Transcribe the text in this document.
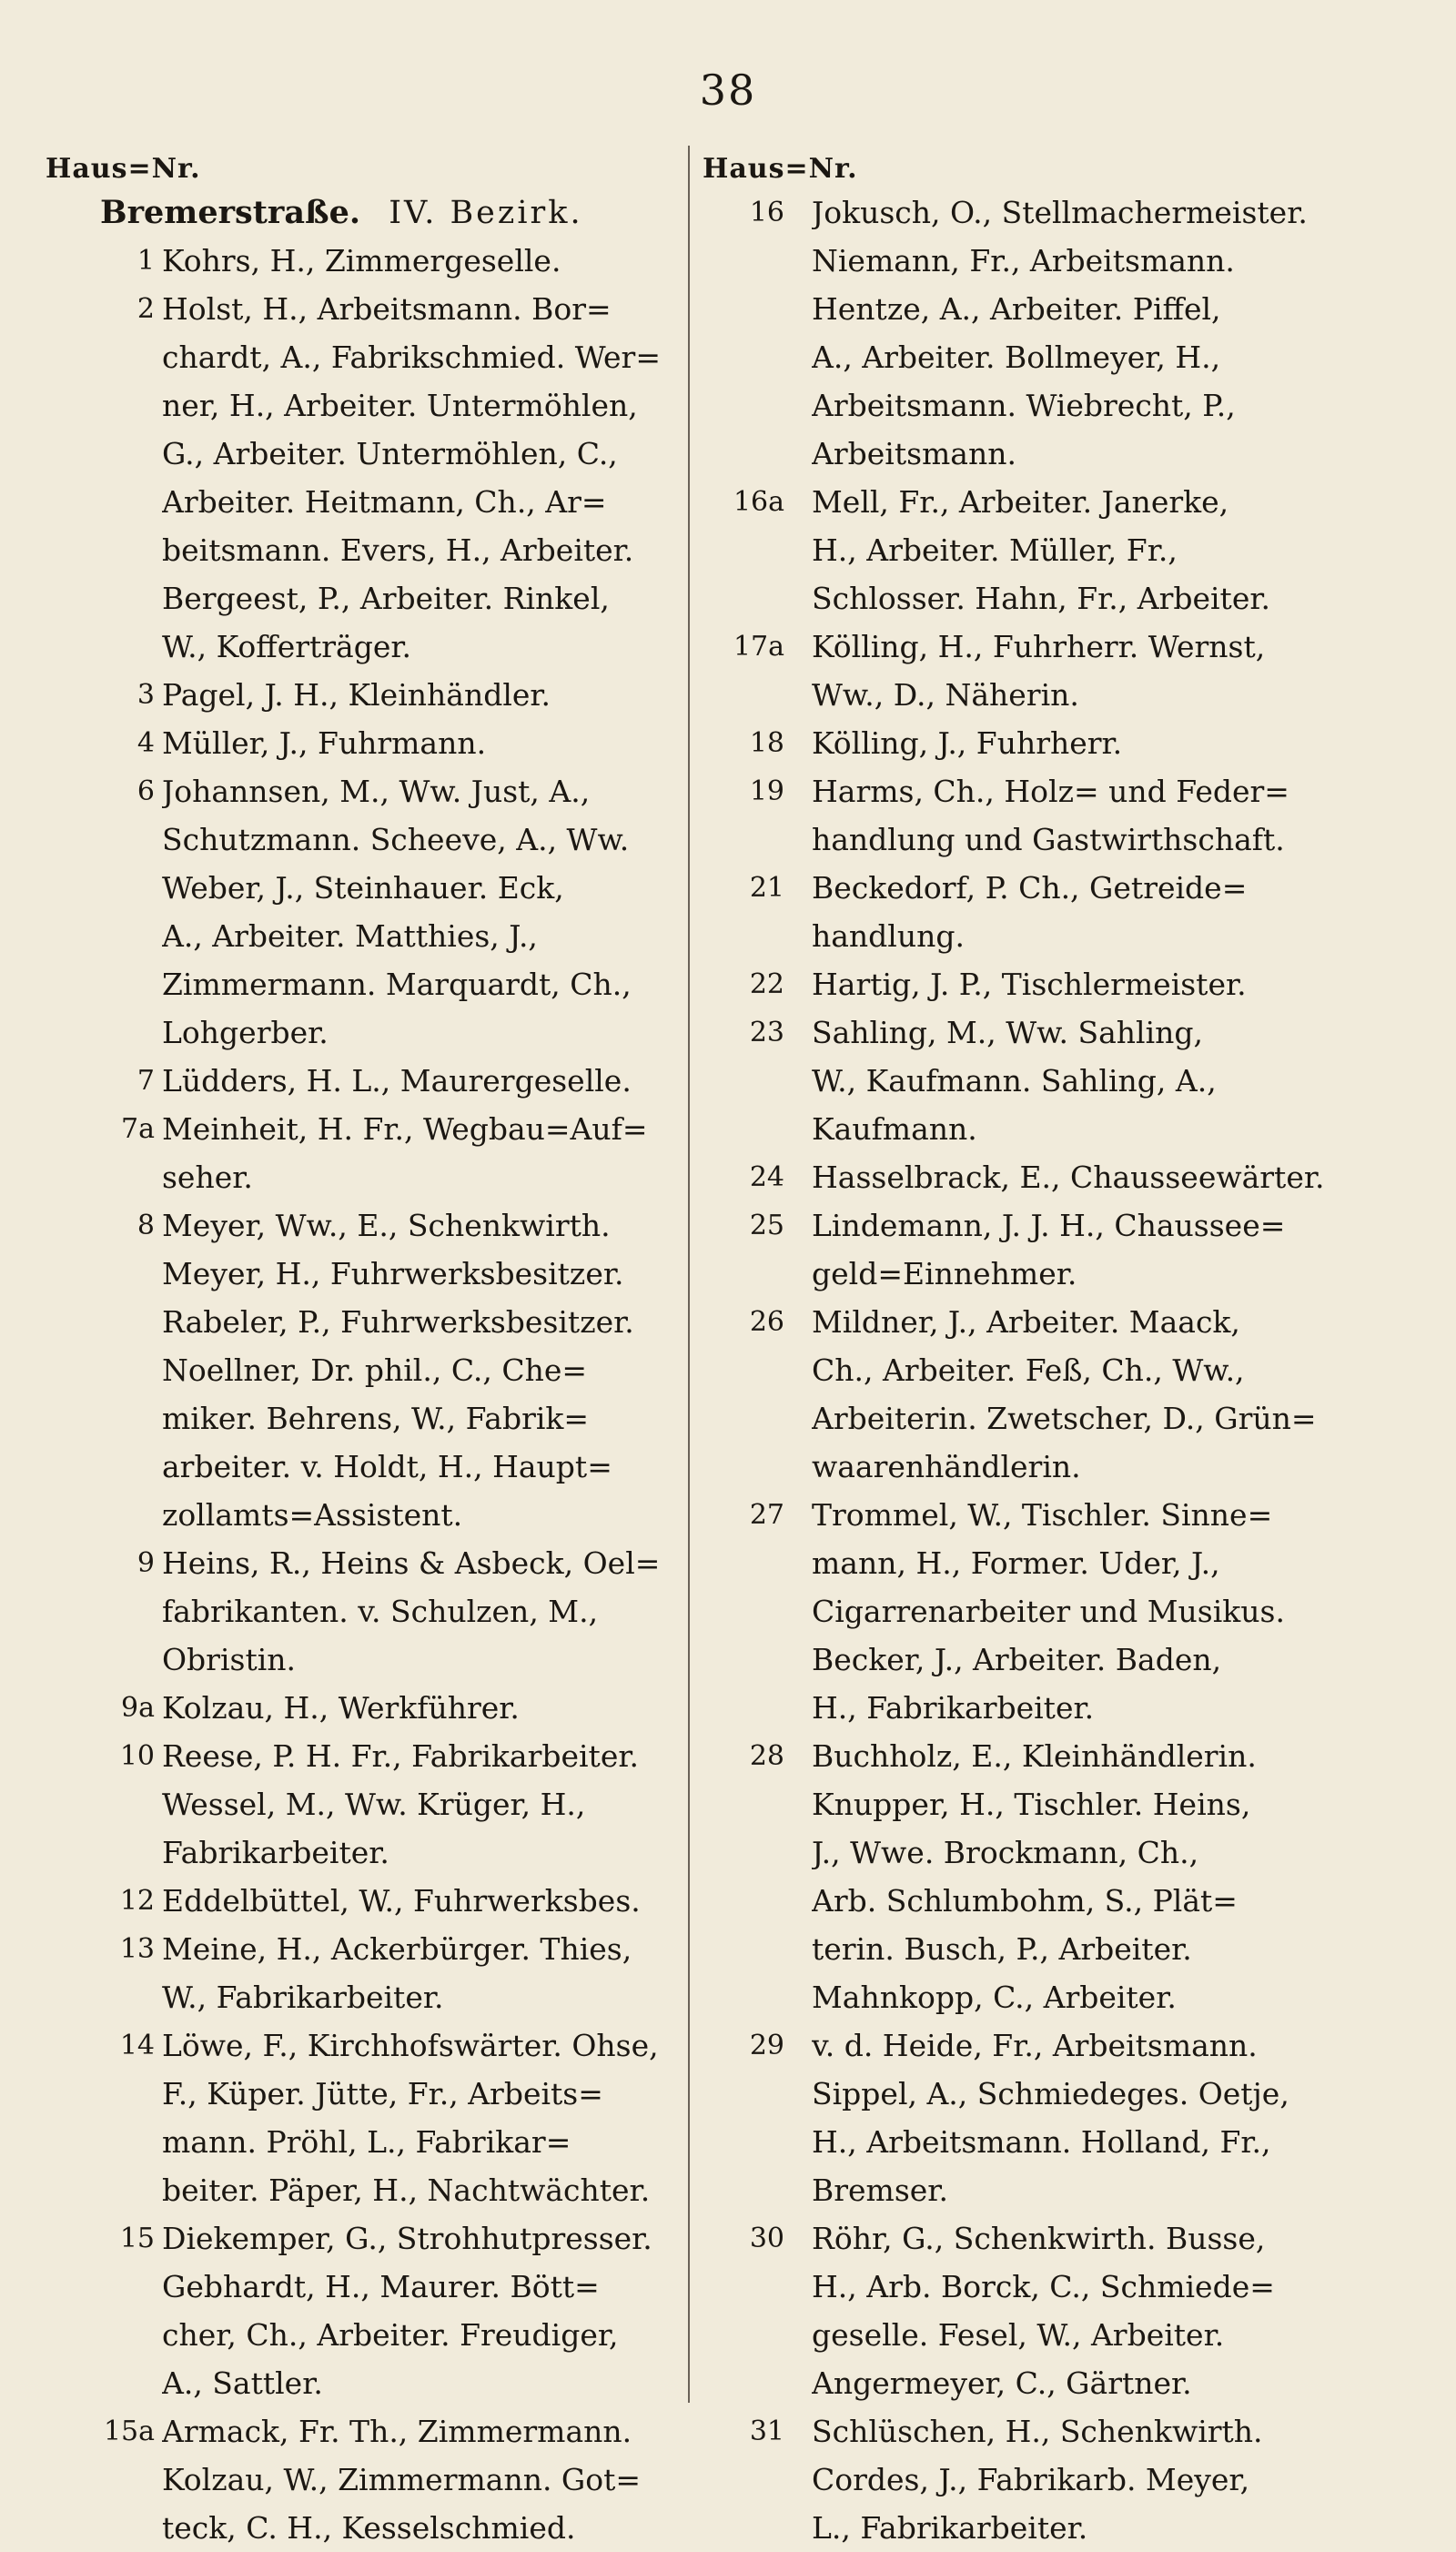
38
Haus=Nr.
Bremerstraße. IV. Bezirk.
1 Kohrs, H., Zimmergeselle.
2 Holst, H., Arbeitsmann. Bor=
chardt, A., Fabrikschmied. Wer=
ner, H., Arbeiter. Untermöhlen,
G., Arbeiter. Untermöhlen, C.,
Arbeiter. Heitmann, Ch., Ar=
beitsmann. Evers, H., Arbeiter.
Bergeest, P., Arbeiter. Rinkel,
W., Kofferträger.
3 Pagel, J. H., Kleinhändler.
4 Müller, J., Fuhrmann.
6 Johannsen, M., Ww. Just, A.,
Schutzmann. Scheeve, A., Ww.
Weber, J., Steinhauer. Eck,
A., Arbeiter. Matthies, J.,
Zimmermann. Marquardt, Ch.,
Lohgerber.
7 Lüdders, H. L., Maurergeselle.
7a Meinheit, H. Fr., Wegbau=Auf=
seher.
8 Meyer, Ww., E., Schenkwirth.
Meyer, H., Fuhrwerksbesitzer.
Rabeler, P., Fuhrwerksbesitzer.
Noellner, Dr. phil., C., Che=
miker. Behrens, W., Fabrik=
arbeiter. v. Holdt, H., Haupt=
zollamts=Assistent.
9 Heins, R., Heins & Asbeck, Oel=
fabrikanten. v. Schulzen, M.,
Obristin.
9a Kolzau, H., Werkführer.
10 Reese, P. H. Fr., Fabrikarbeiter.
Wessel, M., Ww. Krüger, H.,
Fabrikarbeiter.
12 Eddelbüttel, W., Fuhrwerksbes.
13 Meine, H., Ackerbürger. Thies,
W., Fabrikarbeiter.
14 Löwe, F., Kirchhofswärter. Ohse,
F., Küper. Jütte, Fr., Arbeits=
mann. Pröhl, L., Fabrikar=
beiter. Päper, H., Nachtwächter.
15 Diekemper, G., Strohhutpresser.
Gebhardt, H., Maurer. Bött=
cher, Ch., Arbeiter. Freudiger,
A., Sattler.
15a Armack, Fr. Th., Zimmermann.
Kolzau, W., Zimmermann. Got=
teck, C. H., Kesselschmied.
Haus=Nr.
16 Jokusch, O., Stellmachermeister.
Niemann, Fr., Arbeitsmann.
Hentze, A., Arbeiter. Piffel,
A., Arbeiter. Bollmeyer, H.,
Arbeitsmann. Wiebrecht, P.,
Arbeitsmann.
16a Mell, Fr., Arbeiter. Janerke,
H., Arbeiter. Müller, Fr.,
Schlosser. Hahn, Fr., Arbeiter.
17a Kölling, H., Fuhrherr. Wernst,
Ww., D., Näherin.
18 Kölling, J., Fuhrherr.
19 Harms, Ch., Holz= und Feder=
handlung und Gastwirthschaft.
21 Beckedorf, P. Ch., Getreide=
handlung.
22 Hartig, J. P., Tischlermeister.
23 Sahling, M., Ww. Sahling,
W., Kaufmann. Sahling, A.,
Kaufmann.
24 Hasselbrack, E., Chausseewärter.
25 Lindemann, J. J. H., Chaussee=
geld=Einnehmer.
26 Mildner, J., Arbeiter. Maack,
Ch., Arbeiter. Feß, Ch., Ww.,
Arbeiterin. Zwetscher, D., Grün=
waarenhändlerin.
27 Trommel, W., Tischler. Sinne=
mann, H., Former. Uder, J.,
Cigarrenarbeiter und Musikus.
Becker, J., Arbeiter. Baden,
H., Fabrikarbeiter.
28 Buchholz, E., Kleinhändlerin.
Knupper, H., Tischler. Heins,
J., Wwe. Brockmann, Ch.,
Arb. Schlumbohm, S., Plät=
terin. Busch, P., Arbeiter.
Mahnkopp, C., Arbeiter.
29 v. d. Heide, Fr., Arbeitsmann.
Sippel, A., Schmiedeges. Oetje,
H., Arbeitsmann. Holland, Fr.,
Bremser.
30 Röhr, G., Schenkwirth. Busse,
H., Arb. Borck, C., Schmiede=
geselle. Fesel, W., Arbeiter.
Angermeyer, C., Gärtner.
31 Schlüschen, H., Schenkwirth.
Cordes, J., Fabrikarb. Meyer,
L., Fabrikarbeiter.
